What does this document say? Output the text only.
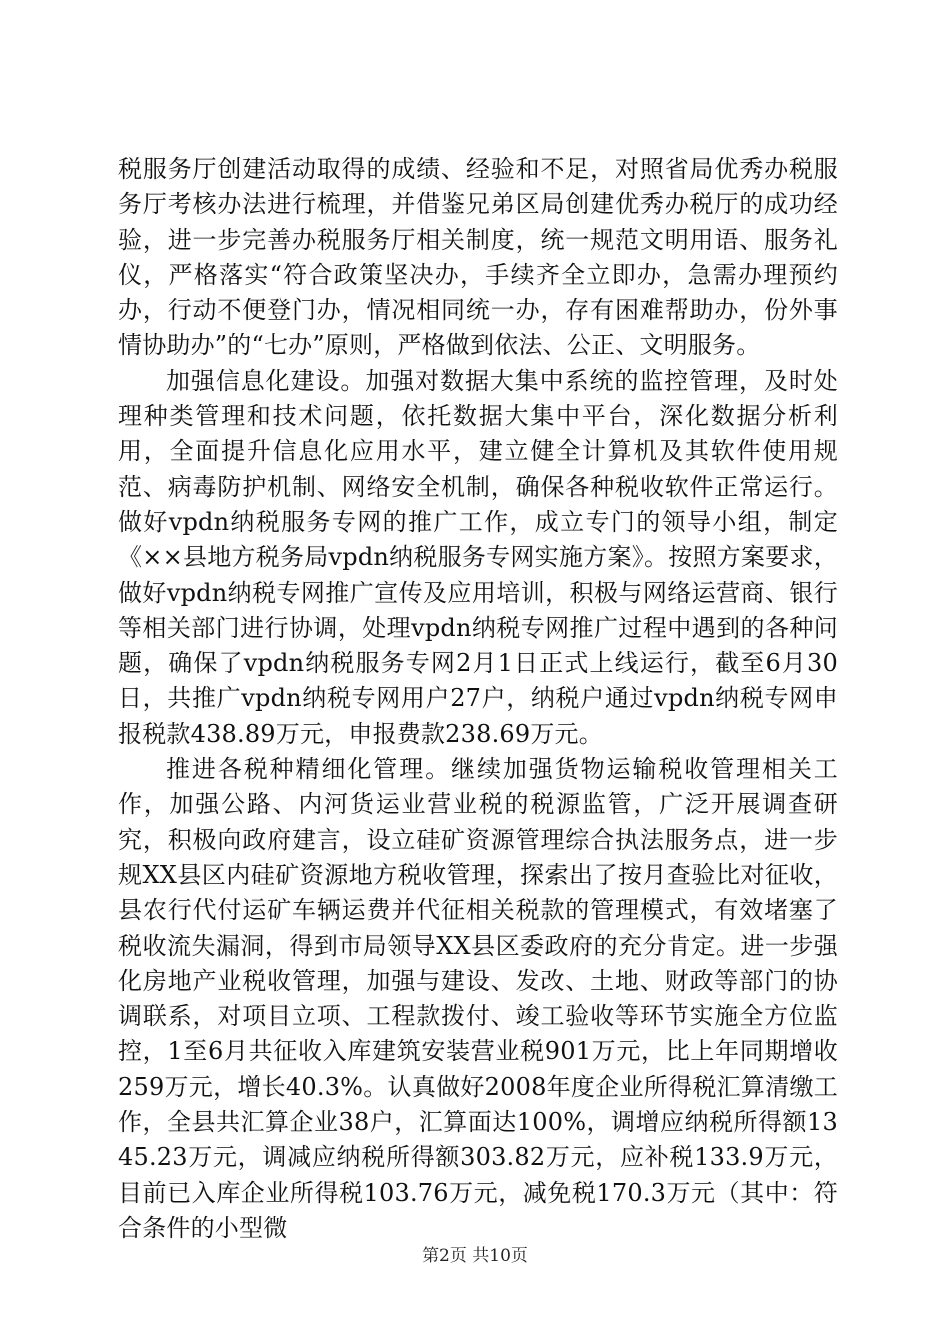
税服务厅创建活动取得的成绩、经验和不足，对照省局优秀办税服务厅考核办法进行梳理，并借鉴兄弟区局创建优秀办税厅的成功经验，进一步完善办税服务厅相关制度，统一规范文明用语、服务礼仪，严格落实“符合政策坚决办，手续齐全立即办，急需办理预约办，行动不便登门办，情况相同统一办，存有困难帮助办，份外事情协助办”的“七办”原则，严格做到依法、公正、文明服务。

加强信息化建设。加强对数据大集中系统的监控管理，及时处理种类管理和技术问题，依托数据大集中平台，深化数据分析利用，全面提升信息化应用水平，建立健全计算机及其软件使用规范、病毒防护机制、网络安全机制，确保各种税收软件正常运行。做好vpdn纳税服务专网的推广工作，成立专门的领导小组，制定《××县地方税务局vpdn纳税服务专网实施方案》。按照方案要求，做好vpdn纳税专网推广宣传及应用培训，积极与网络运营商、银行等相关部门进行协调，处理vpdn纳税专网推广过程中遇到的各种问题，确保了vpdn纳税服务专网2月1日正式上线运行，截至6月30日，共推广vpdn纳税专网用户27户，纳税户通过vpdn纳税专网申报税款438.89万元，申报费款238.69万元。

推进各税种精细化管理。继续加强货物运输税收管理相关工作，加强公路、内河货运业营业税的税源监管，广泛开展调查研究，积极向政府建言，设立硅矿资源管理综合执法服务点，进一步规XX县区内硅矿资源地方税收管理，探索出了按月查验比对征收，县农行代付运矿车辆运费并代征相关税款的管理模式，有效堵塞了税收流失漏洞，得到市局领导XX县区委政府的充分肯定。进一步强化房地产业税收管理，加强与建设、发改、土地、财政等部门的协调联系，对项目立项、工程款拨付、竣工验收等环节实施全方位监控，1至6月共征收入库建筑安装营业税901万元，比上年同期增收259万元，增长40.3%。认真做好2008年度企业所得税汇算清缴工作，全县共汇算企业38户，汇算面达100%，调增应纳税所得额1345.23万元，调减应纳税所得额303.82万元，应补税133.9万元，目前已入库企业所得税103.76万元，减免税170.3万元（其中：符合条件的小型微

第2页 共10页
